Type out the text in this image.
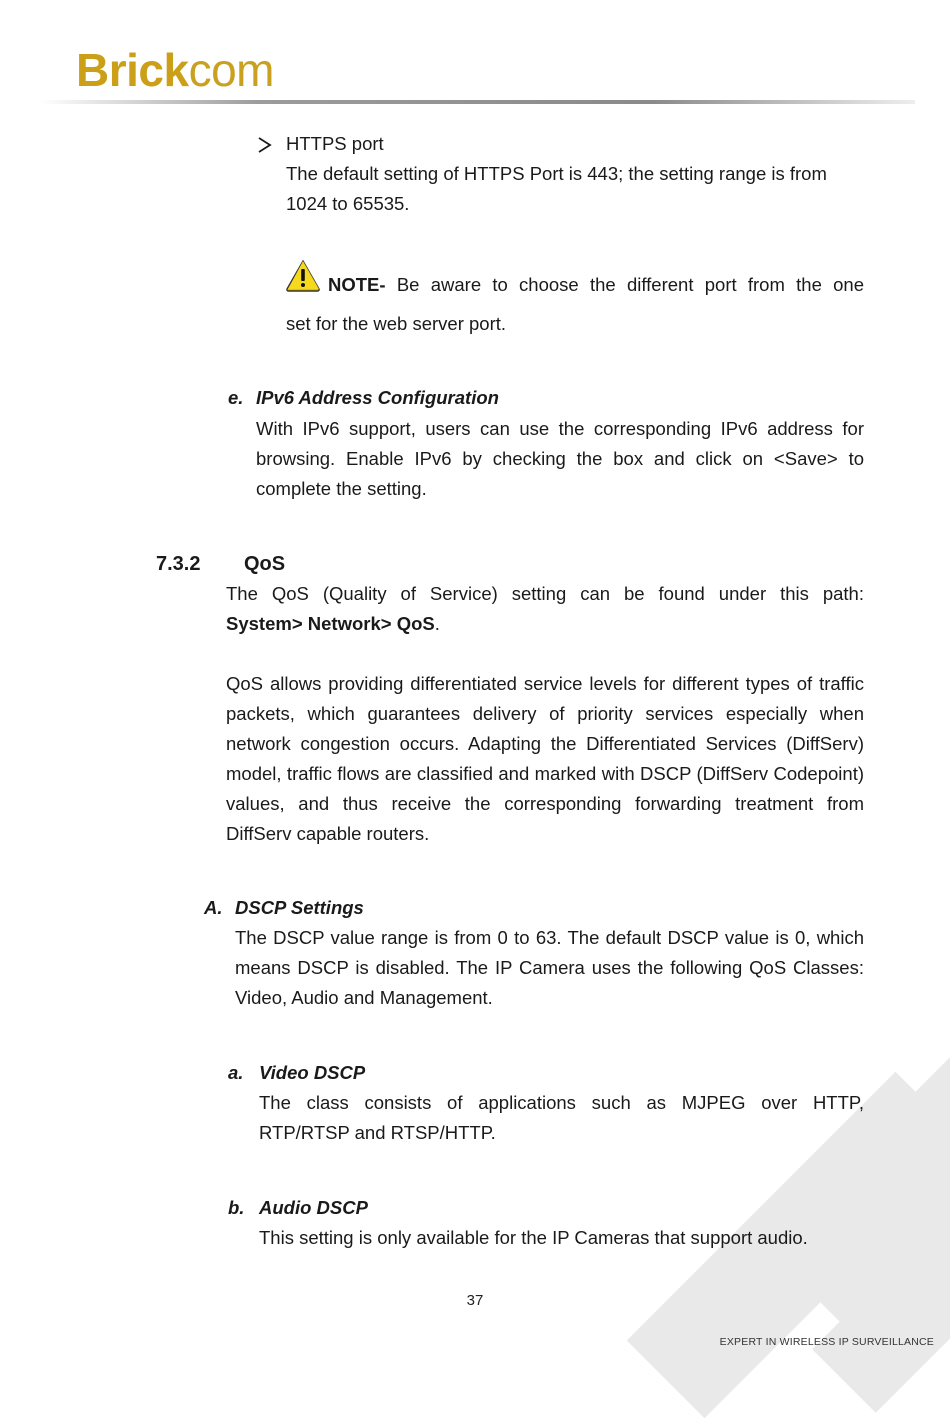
Brickcom
HTTPS port
The default setting of HTTPS Port is 443; the setting range is from 1024 to 65535.
NOTE- Be aware to choose the different port from the one
set for the web server port.
e. IPv6 Address Configuration
With IPv6 support, users can use the corresponding IPv6 address for browsing. Enable IPv6 by checking the box and click on <Save> to complete the setting.
7.3.2 QoS
The QoS (Quality of Service) setting can be found under this path:
System> Network> QoS.
QoS allows providing differentiated service levels for different types of traffic packets, which guarantees delivery of priority services especially when network congestion occurs. Adapting the Differentiated Services (DiffServ) model, traffic flows are classified and marked with DSCP (DiffServ Codepoint) values, and thus receive the corresponding forwarding treatment from DiffServ capable routers.
A. DSCP Settings
The DSCP value range is from 0 to 63. The default DSCP value is 0, which means DSCP is disabled. The IP Camera uses the following QoS Classes: Video, Audio and Management.
a. Video DSCP
The class consists of applications such as MJPEG over HTTP, RTP/RTSP and RTSP/HTTP.
b. Audio DSCP
This setting is only available for the IP Cameras that support audio.
37
EXPERT IN WIRELESS IP SURVEILLANCE
